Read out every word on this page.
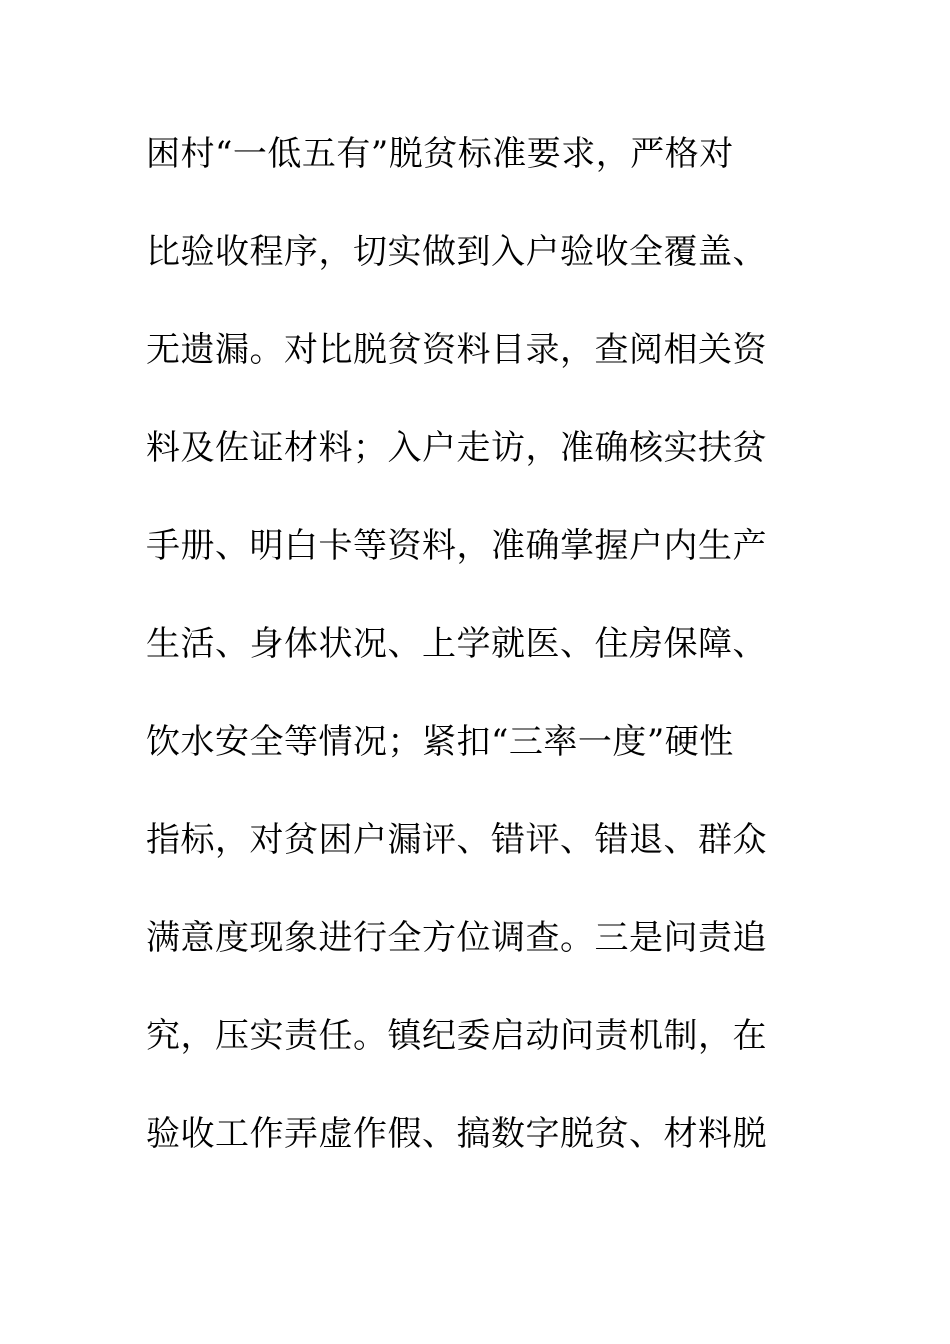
困村“一低五有”脱贫标准要求，严格对
比验收程序，切实做到入户验收全覆盖、
无遗漏。对比脱贫资料目录，查阅相关资
料及佐证材料；入户走访，准确核实扶贫
手册、明白卡等资料，准确掌握户内生产
生活、身体状况、上学就医、住房保障、
饮水安全等情况；紧扣“三率一度”硬性
指标，对贫困户漏评、错评、错退、群众
满意度现象进行全方位调查。三是问责追
究，压实责任。镇纪委启动问责机制，在
验收工作弄虚作假、搞数字脱贫、材料脱
